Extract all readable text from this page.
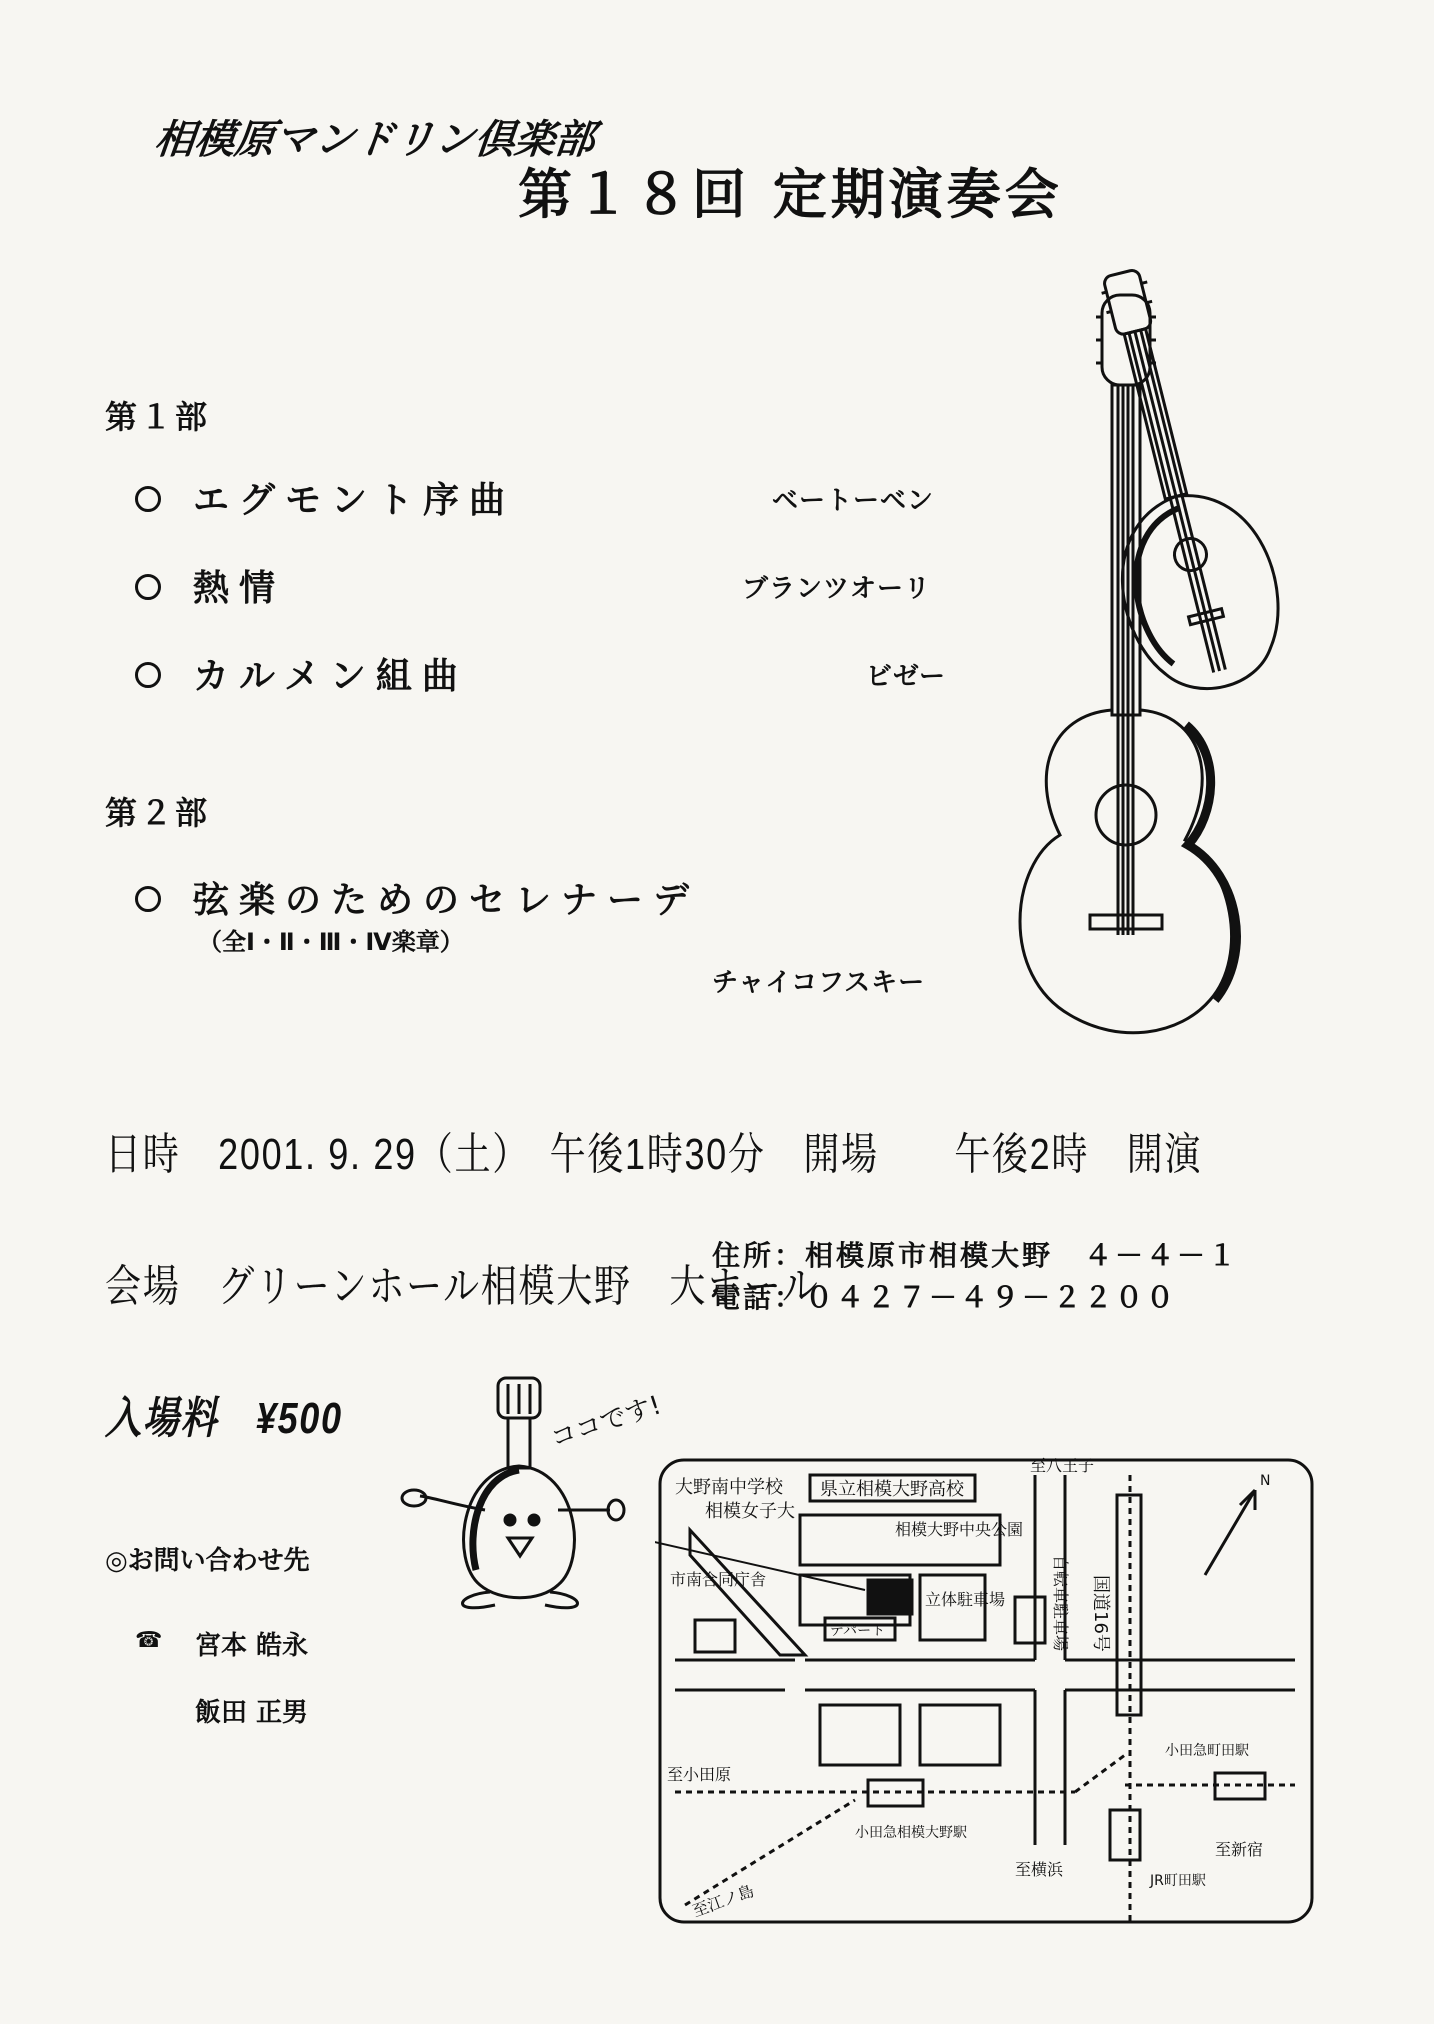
相模原マンドリン倶楽部
第１８回 定期演奏会
第１部
エグモント序曲	ベートーベン
熱情	ブランツオーリ
カルメン組曲	ビゼー
第２部
弦楽のためのセレナーデ
（全Ⅰ・Ⅱ・Ⅲ・Ⅳ楽章）
チャイコフスキー
日時　2001. 9. 29（土）　午後1時30分　開場　　午後2時　開演
会場　グリーンホール相模大野　大ホール
住所：相模原市相模大野　４－４－１
電話：０４２７－４９－２２００
入場料　¥500
◎お問い合わせ先
☎ 宮本 皓永
飯田 正男
ココです!
大野南中学校 県立相模大野高校
相模女子大
相模大野中央公園
市南合同庁舎
立体駐車場
デパート	自転車駐車場 国道16号
至八王子
至小田原
至江ノ島
至横浜
至新宿
小田急相模大野駅
小田急町田駅
JR町田駅
N
